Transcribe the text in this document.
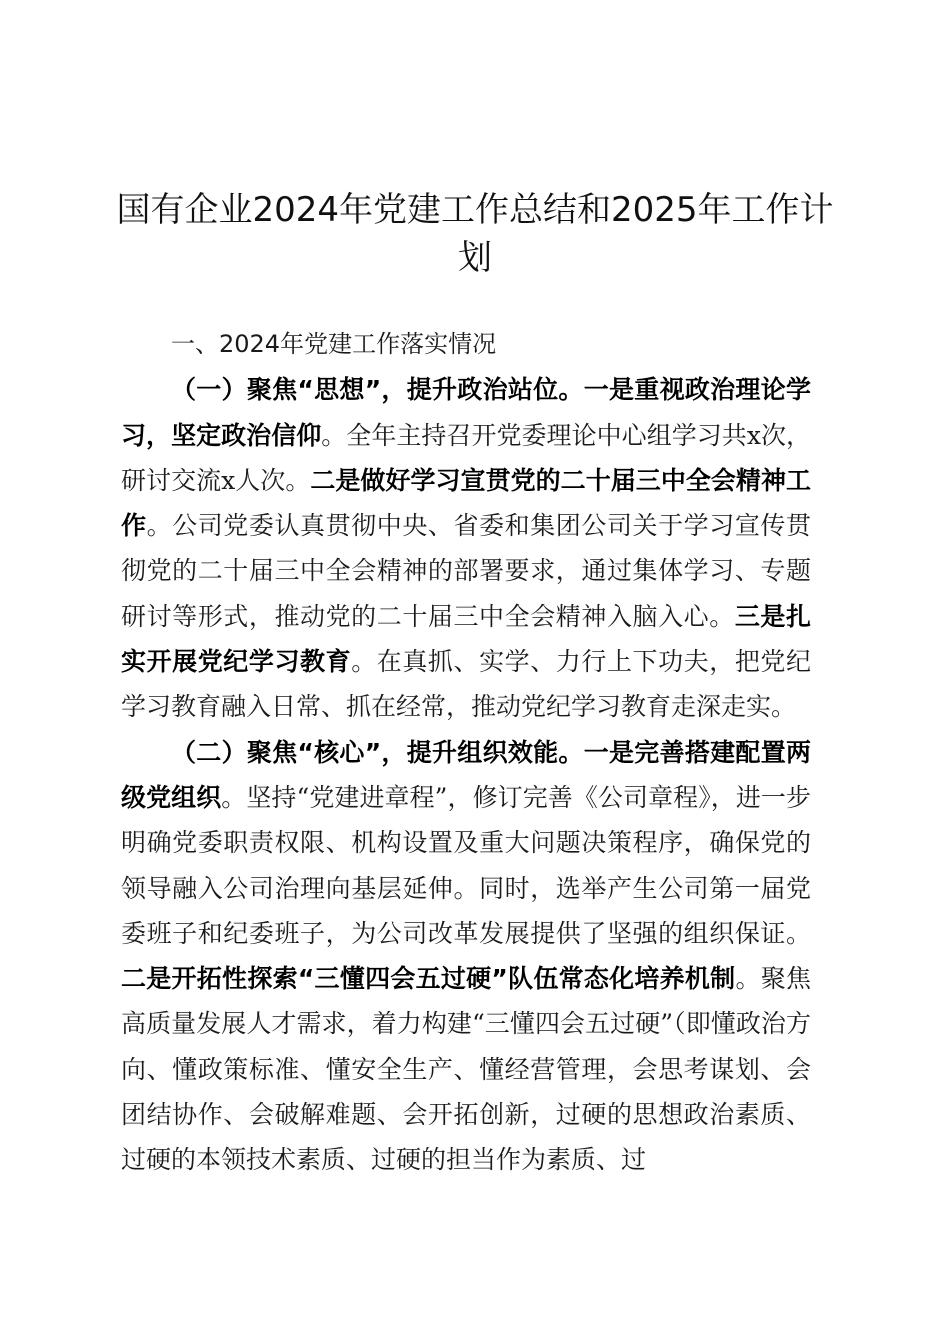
国有企业2024年党建工作总结和2025年工作计划

一、2024年党建工作落实情况

（一）聚焦“思想”，提升政治站位。一是重视政治理论学习，坚定政治信仰。全年主持召开党委理论中心组学习共x次，研讨交流x人次。二是做好学习宣贯党的二十届三中全会精神工作。公司党委认真贯彻中央、省委和集团公司关于学习宣传贯彻党的二十届三中全会精神的部署要求，通过集体学习、专题研讨等形式，推动党的二十届三中全会精神入脑入心。三是扎实开展党纪学习教育。在真抓、实学、力行上下功夫，把党纪学习教育融入日常、抓在经常，推动党纪学习教育走深走实。

（二）聚焦“核心”，提升组织效能。一是完善搭建配置两级党组织。坚持“党建进章程”，修订完善《公司章程》，进一步明确党委职责权限、机构设置及重大问题决策程序，确保党的领导融入公司治理向基层延伸。同时，选举产生公司第一届党委班子和纪委班子，为公司改革发展提供了坚强的组织保证。二是开拓性探索“三懂四会五过硬”队伍常态化培养机制。聚焦高质量发展人才需求，着力构建“三懂四会五过硬”（即懂政治方向、懂政策标准、懂安全生产、懂经营管理，会思考谋划、会团结协作、会破解难题、会开拓创新，过硬的思想政治素质、过硬的本领技术素质、过硬的担当作为素质、过
